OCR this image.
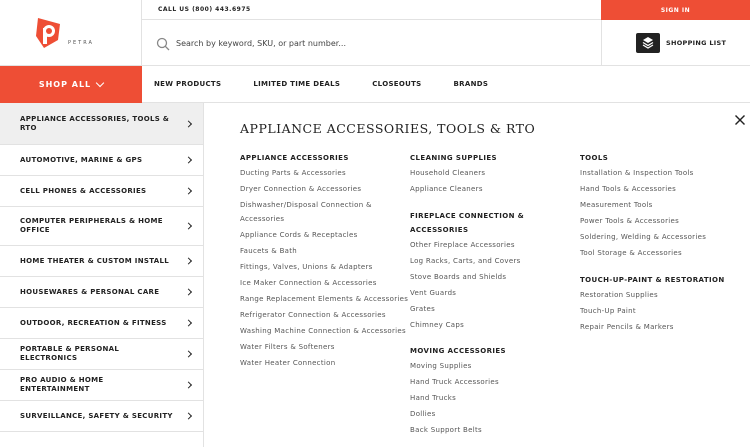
PETRA
CALL US (800) 443.6975	SIGN IN
Search by keyword, SKU, or part number...
SHOPPING LIST
SHOP ALL	NEW PRODUCTS	LIMITED TIME DEALS	CLOSEOUTS	BRANDS
APPLIANCE ACCESSORIES, TOOLS & RTO
AUTOMOTIVE, MARINE & GPS
CELL PHONES & ACCESSORIES
COMPUTER PERIPHERALS & HOME OFFICE
HOME THEATER & CUSTOM INSTALL
HOUSEWARES & PERSONAL CARE
OUTDOOR, RECREATION & FITNESS
PORTABLE & PERSONAL ELECTRONICS
PRO AUDIO & HOME ENTERTAINMENT
SURVEILLANCE, SAFETY & SECURITY
APPLIANCE ACCESSORIES, TOOLS & RTO
APPLIANCE ACCESSORIES
Ducting Parts & Accessories
Dryer Connection & Accessories
Dishwasher/Disposal Connection & Accessories
Appliance Cords & Receptacles
Faucets & Bath
Fittings, Valves, Unions & Adapters
Ice Maker Connection & Accessories
Range Replacement Elements & Accessories
Refrigerator Connection & Accessories
Washing Machine Connection & Accessories
Water Filters & Softeners
Water Heater Connection
CLEANING SUPPLIES
Household Cleaners
Appliance Cleaners
FIREPLACE CONNECTION & ACCESSORIES
Other Fireplace Accessories
Log Racks, Carts, and Covers
Stove Boards and Shields
Vent Guards
Grates
Chimney Caps
MOVING ACCESSORIES
Moving Supplies
Hand Truck Accessories
Hand Trucks
Dollies
Back Support Belts
TOOLS
Installation & Inspection Tools
Hand Tools & Accessories
Measurement Tools
Power Tools & Accessories
Soldering, Welding & Accessories
Tool Storage & Accessories
TOUCH-UP-PAINT & RESTORATION
Restoration Supplies
Touch-Up Paint
Repair Pencils & Markers
